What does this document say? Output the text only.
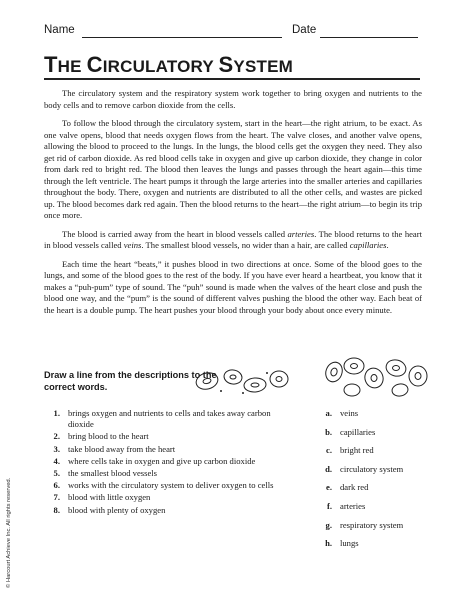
Name	Date
THE CIRCULATORY SYSTEM

The circulatory system and the respiratory system work together to bring oxygen and nutrients to the body cells and to remove carbon dioxide from the cells.

To follow the blood through the circulatory system, start in the heart—the right atrium, to be exact. As one valve opens, blood that needs oxygen flows from the heart. The valve closes, and another valve opens, allowing the blood to proceed to the lungs. In the lungs, the blood cells get the oxygen they need. They also get rid of carbon dioxide. As red blood cells take in oxygen and give up carbon dioxide, they change in color from dark red to bright red. The blood then leaves the lungs and passes through the heart again—this time through the left ventricle. The heart pumps it through the large arteries into the smaller arteries and capillaries throughout the body. There, oxygen and nutrients are distributed to all the other cells, and wastes are picked up. The blood becomes dark red again. Then the blood returns to the heart—the right atrium—to begin its trip once more.

The blood is carried away from the heart in blood vessels called arteries. The blood returns to the heart in blood vessels called veins. The smallest blood vessels, no wider than a hair, are called capillaries.

Each time the heart “beats,” it pushes blood in two directions at once. Some of the blood goes to the lungs, and some of the blood goes to the rest of the body. If you have ever heard a heartbeat, you know that it makes a “puh-pum” type of sound. The “puh” sound is made when the valves of the heart close and push the blood one way, and the “pum” is the sound of different valves pushing the blood the other way. Each beat of the heart is a double pump. The heart pushes your blood through your body about once every minute.

Draw a line from the descriptions to the correct words.
1. brings oxygen and nutrients to cells and takes away carbon dioxide
2. bring blood to the heart
3. take blood away from the heart
4. where cells take in oxygen and give up carbon dioxide
5. the smallest blood vessels
6. works with the circulatory system to deliver oxygen to cells
7. blood with little oxygen
8. blood with plenty of oxygen
a. veins
b. capillaries
c. bright red
d. circulatory system
e. dark red
f. arteries
g. respiratory system
h. lungs
© Harcourt Achieve Inc. All rights reserved.
